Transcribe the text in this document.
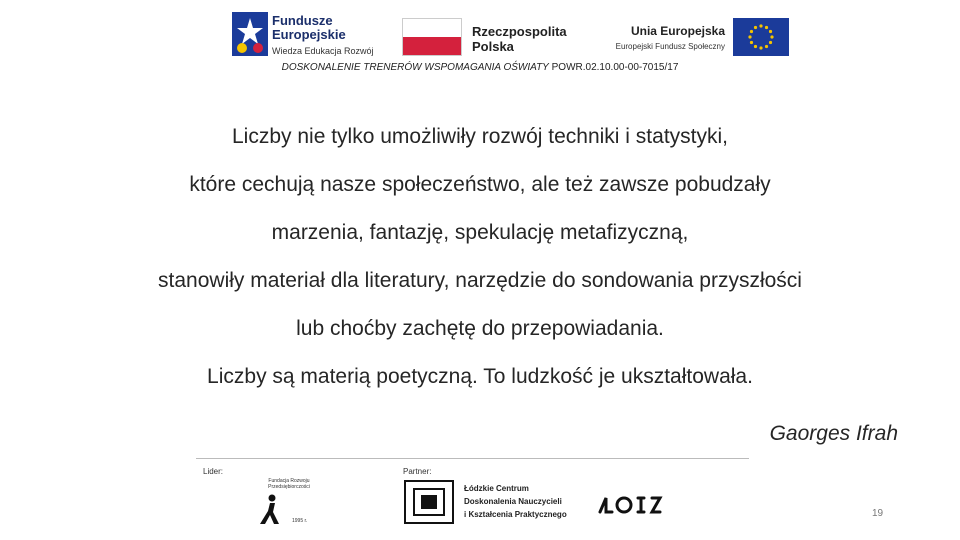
Fundusze
Europejskie
Wiedza Edukacja Rozwój
Rzeczpospolita
Polska
Unia Europejska
Europejski Fundusz Społeczny
DOSKONALENIE TRENERÓW WSPOMAGANIA OŚWIATY POWR.02.10.00-00-7015/17
Liczby nie tylko umożliwiły rozwój techniki i statystyki,
które cechują nasze społeczeństwo, ale też zawsze pobudzały
marzenia, fantazję, spekulację metafizyczną,
stanowiły materiał dla literatury, narzędzie do sondowania przyszłości
lub choćby zachętę do przepowiadania.
Liczby są materią poetyczną. To ludzkość je ukształtowała.
Gaorges Ifrah
Lider:	Partner:
Fundacja Rozwoju Przedsiębiorczości
1995 r.
Łódzkie Centrum
Doskonalenia Nauczycieli
i Kształcenia Praktycznego	19
